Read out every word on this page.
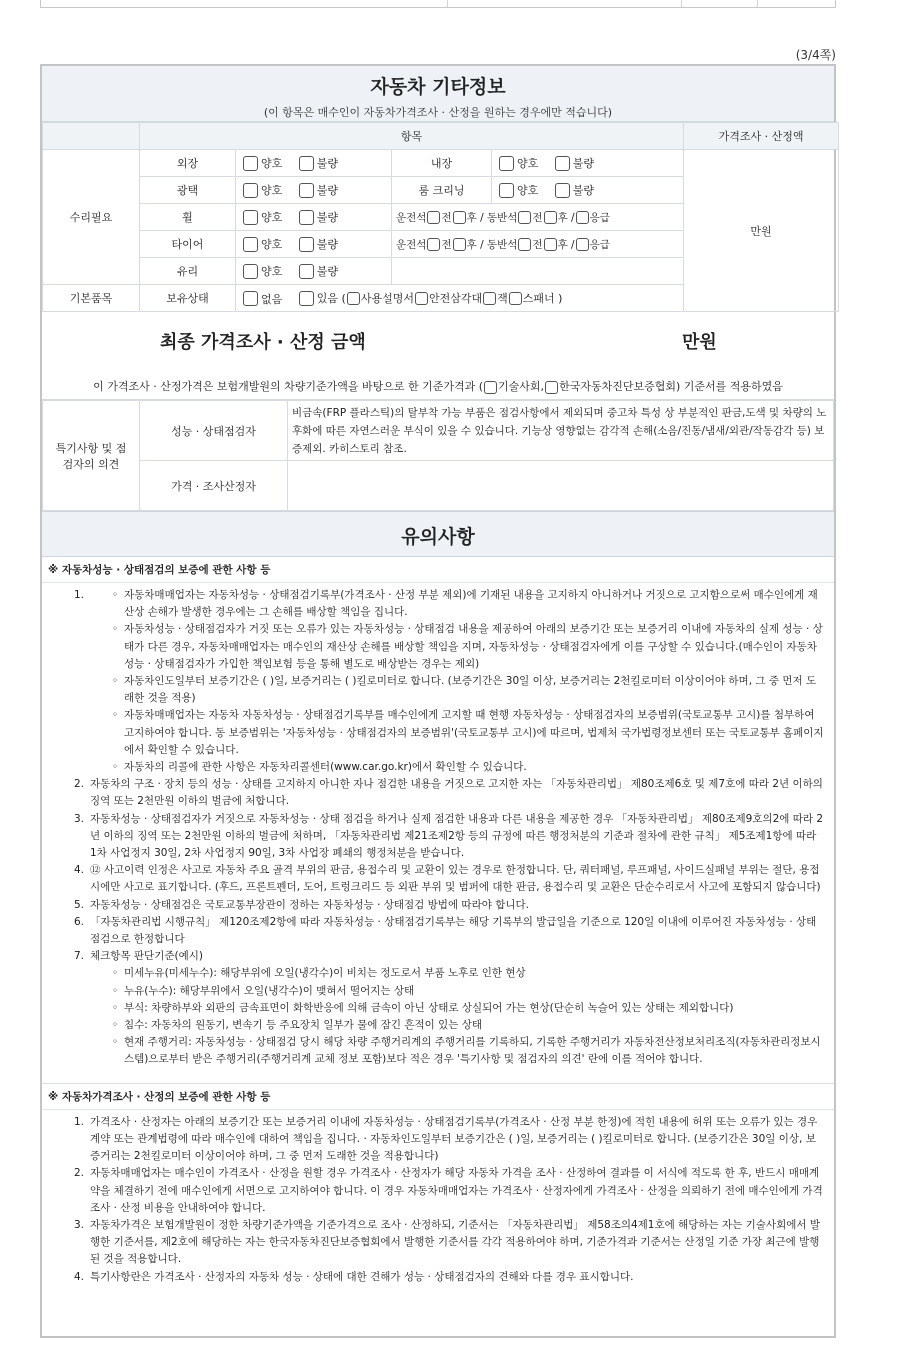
(3/4쪽)
자동차 기타정보
(이 항목은 매수인이 자동차가격조사 · 산정을 원하는 경우에만 적습니다)
	항목				가격조사 · 산정액
수리필요	외장	양호 불량	내장	양호 불량	만원
	광택	양호 불량	룸 크리닝	양호 불량	
	휠	양호 불량	운전석 전 후 / 동반석 전 후 / 응급		
	타이어	양호 불량	운전석 전 후 / 동반석 전 후 / 응급		
	유리	양호 불량			
기본품목	보유상태	없음 있음 ( 사용설명서 안전삼각대 잭 스패너 )			
최종 가격조사 · 산정 금액	만원
이 가격조사 · 산정가격은 보험개발원의 차량기준가액을 바탕으로 한 기준가격과 ( 기술사회, 한국자동차진단보증협회) 기준서를 적용하였음
특기사항 및 점검자의 의견	성능 · 상태점검자	비금속(FRP 플라스틱)의 탈부착 가능 부품은 점검사항에서 제외되며 중고차 특성 상 부분적인 판금,도색 및 차량의 노후화에 따른 자연스러운 부식이 있을 수 있습니다. 기능상 영향없는 감각적 손해(소음/진동/냄새/외관/작동감각 등) 보증제외. 카히스토리 참조.
	가격 · 조사산정자	
유의사항
※ 자동차성능 · 상태점검의 보증에 관한 사항 등
1.	◦ 자동차매매업자는 자동차성능 · 상태점검기록부(가격조사 · 산정 부분 제외)에 기재된 내용을 고지하지 아니하거나 거짓으로 고지함으로써 매수인에게 재산상 손해가 발생한 경우에는 그 손해를 배상할 책임을 집니다.
◦ 자동차성능 · 상태점검자가 거짓 또는 오류가 있는 자동차성능 · 상태점검 내용을 제공하여 아래의 보증기간 또는 보증거리 이내에 자동차의 실제 성능 · 상태가 다른 경우, 자동차매매업자는 매수인의 재산상 손해를 배상할 책임을 지며, 자동차성능 · 상태점검자에게 이를 구상할 수 있습니다.(매수인이 자동차성능 · 상태점검자가 가입한 책임보험 등을 통해 별도로 배상받는 경우는 제외)
◦ 자동차인도일부터 보증기간은 ( )일, 보증거리는 ( )킬로미터로 합니다. (보증기간은 30일 이상, 보증거리는 2천킬로미터 이상이어야 하며, 그 중 먼저 도래한 것을 적용)
◦ 자동차매매업자는 자동차 자동차성능 · 상태점검기록부를 매수인에게 고지할 때 현행 자동차성능 · 상태점검자의 보증범위(국토교통부 고시)를 첨부하여 고지하여야 합니다. 동 보증범위는 '자동차성능 · 상태점검자의 보증범위'(국토교통부 고시)에 따르며, 법제처 국가법령정보센터 또는 국토교통부 홈페이지에서 확인할 수 있습니다.
◦ 자동차의 리콜에 관한 사항은 자동차리콜센터(www.car.go.kr)에서 확인할 수 있습니다.
2. 자동차의 구조 · 장치 등의 성능 · 상태를 고지하지 아니한 자나 점검한 내용을 거짓으로 고지한 자는 「자동차관리법」 제80조제6호 및 제7호에 따라 2년 이하의 징역 또는 2천만원 이하의 벌금에 처합니다.
3. 자동차성능 · 상태점검자가 거짓으로 자동차성능 · 상태 점검을 하거나 실제 점검한 내용과 다른 내용을 제공한 경우 「자동차관리법」 제80조제9호의2에 따라 2년 이하의 징역 또는 2천만원 이하의 벌금에 처하며, 「자동차관리법 제21조제2항 등의 규정에 따른 행정처분의 기준과 절차에 관한 규칙」 제5조제1항에 따라 1차 사업정지 30일, 2차 사업정지 90일, 3차 사업장 폐쇄의 행정처분을 받습니다.
4. ⑫ 사고이력 인정은 사고로 자동차 주요 골격 부위의 판금, 용접수리 및 교환이 있는 경우로 한정합니다. 단, 쿼터패널, 루프패널, 사이드실패널 부위는 절단, 용접 시에만 사고로 표기합니다. (후드, 프론트펜더, 도어, 트렁크리드 등 외판 부위 및 범퍼에 대한 판금, 용접수리 및 교환은 단순수리로서 사고에 포함되지 않습니다)
5. 자동차성능 · 상태점검은 국토교통부장관이 정하는 자동차성능 · 상태점검 방법에 따라야 합니다.
6. 「자동차관리법 시행규칙」 제120조제2항에 따라 자동차성능 · 상태점검기록부는 해당 기록부의 발급일을 기준으로 120일 이내에 이루어진 자동차성능 · 상태점검으로 한정합니다
7. 체크항목 판단기준(예시)
◦ 미세누유(미세누수): 해당부위에 오일(냉각수)이 비치는 정도로서 부품 노후로 인한 현상
◦ 누유(누수): 해당부위에서 오일(냉각수)이 맺혀서 떨어지는 상태
◦ 부식: 차량하부와 외판의 금속표면이 화학반응에 의해 금속이 아닌 상태로 상실되어 가는 현상(단순히 녹슬어 있는 상태는 제외합니다)
◦ 침수: 자동차의 원동기, 변속기 등 주요장치 일부가 물에 잠긴 흔적이 있는 상태
◦ 현재 주행거리: 자동차성능 · 상태점검 당시 해당 차량 주행거리계의 주행거리를 기록하되, 기록한 주행거리가 자동차전산정보처리조직(자동차관리정보시스템)으로부터 받은 주행거리(주행거리계 교체 정보 포함)보다 적은 경우 '특기사항 및 점검자의 의견' 란에 이를 적어야 합니다.
※ 자동차가격조사 · 산정의 보증에 관한 사항 등
1. 가격조사 · 산정자는 아래의 보증기간 또는 보증거리 이내에 자동차성능 · 상태점검기록부(가격조사 · 산정 부분 한정)에 적힌 내용에 허위 또는 오류가 있는 경우 계약 또는 관계법령에 따라 매수인에 대하여 책임을 집니다. · 자동차인도일부터 보증기간은 ( )일, 보증거리는 ( )킬로미터로 합니다. (보증기간은 30일 이상, 보증거리는 2천킬로미터 이상이어야 하며, 그 중 먼저 도래한 것을 적용합니다)
2. 자동차매매업자는 매수인이 가격조사 · 산정을 원할 경우 가격조사 · 산정자가 해당 자동차 가격을 조사 · 산정하여 결과를 이 서식에 적도록 한 후, 반드시 매매계약을 체결하기 전에 매수인에게 서면으로 고지하여야 합니다. 이 경우 자동차매매업자는 가격조사 · 산정자에게 가격조사 · 산정을 의뢰하기 전에 매수인에게 가격조사 · 산정 비용을 안내하여야 합니다.
3. 자동차가격은 보험개발원이 정한 차량기준가액을 기준가격으로 조사 · 산정하되, 기준서는 「자동차관리법」 제58조의4제1호에 해당하는 자는 기술사회에서 발행한 기준서를, 제2호에 해당하는 자는 한국자동차진단보증협회에서 발행한 기준서를 각각 적용하여야 하며, 기준가격과 기준서는 산정일 기준 가장 최근에 발행된 것을 적용합니다.
4. 특기사항란은 가격조사 · 산정자의 자동차 성능 · 상태에 대한 견해가 성능 · 상태점검자의 견해와 다를 경우 표시합니다.
